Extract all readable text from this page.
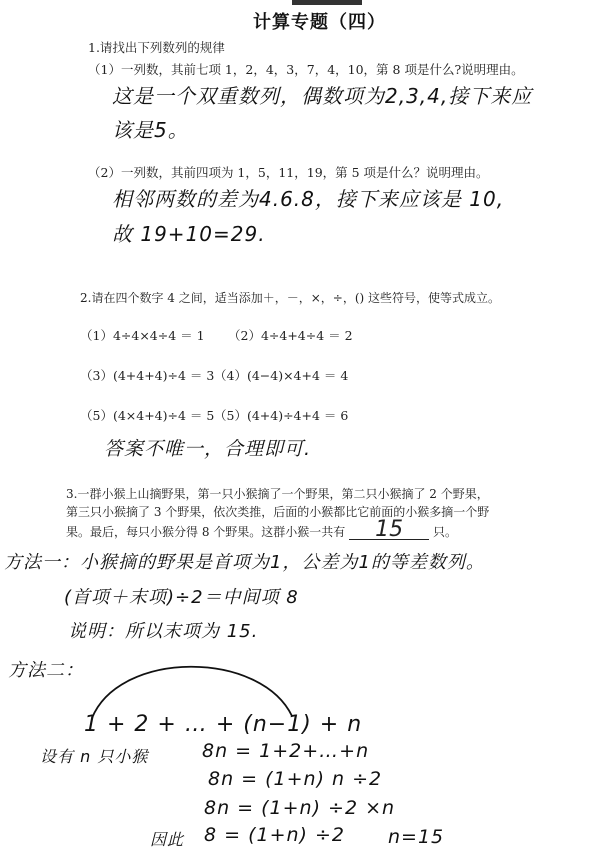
计算专题（四）
1.请找出下列数列的规律
（1）一列数，其前七项 1，2，4，3，7，4，10，第 8 项是什么?说明理由。
这是一个双重数列，偶数项为2,3,4,接下来应
该是5。
（2）一列数，其前四项为 1，5，11，19，第 5 项是什么？说明理由。
相邻两数的差为4.6.8，接下来应该是 10,
故 19+10=29.
2.请在四个数字 4 之间，适当添加＋，－，×，÷，() 这些符号，使等式成立。
（1）4÷4×4÷4 ＝ 1 （2）4÷4+4÷4 ＝ 2
（3）(4+4+4)÷4 ＝ 3 （4）(4−4)×4+4 ＝ 4
（5）(4×4+4)÷4 ＝ 5 （5）(4+4)÷4+4 ＝ 6
答案不唯一，合理即可.
3.一群小猴上山摘野果，第一只小猴摘了一个野果，第二只小猴摘了 2 个野果，
第三只小猴摘了 3 个野果，依次类推，后面的小猴都比它前面的小猴多摘一个野
果。最后，每只小猴分得 8 个野果。这群小猴一共有 15 只。
方法一：小猴摘的野果是首项为1，公差为1的等差数列。
(首项＋末项)÷2＝中间项 8
说明：所以末项为 15.
方法二：
1 + 2 + … + (n−1) + n
设有 n 只小猴	8n = 1+2+…+n
8n = (1+n) n ÷2
8n = (1+n) ÷2 ×n
因此 8 = (1+n) ÷2 n=15
